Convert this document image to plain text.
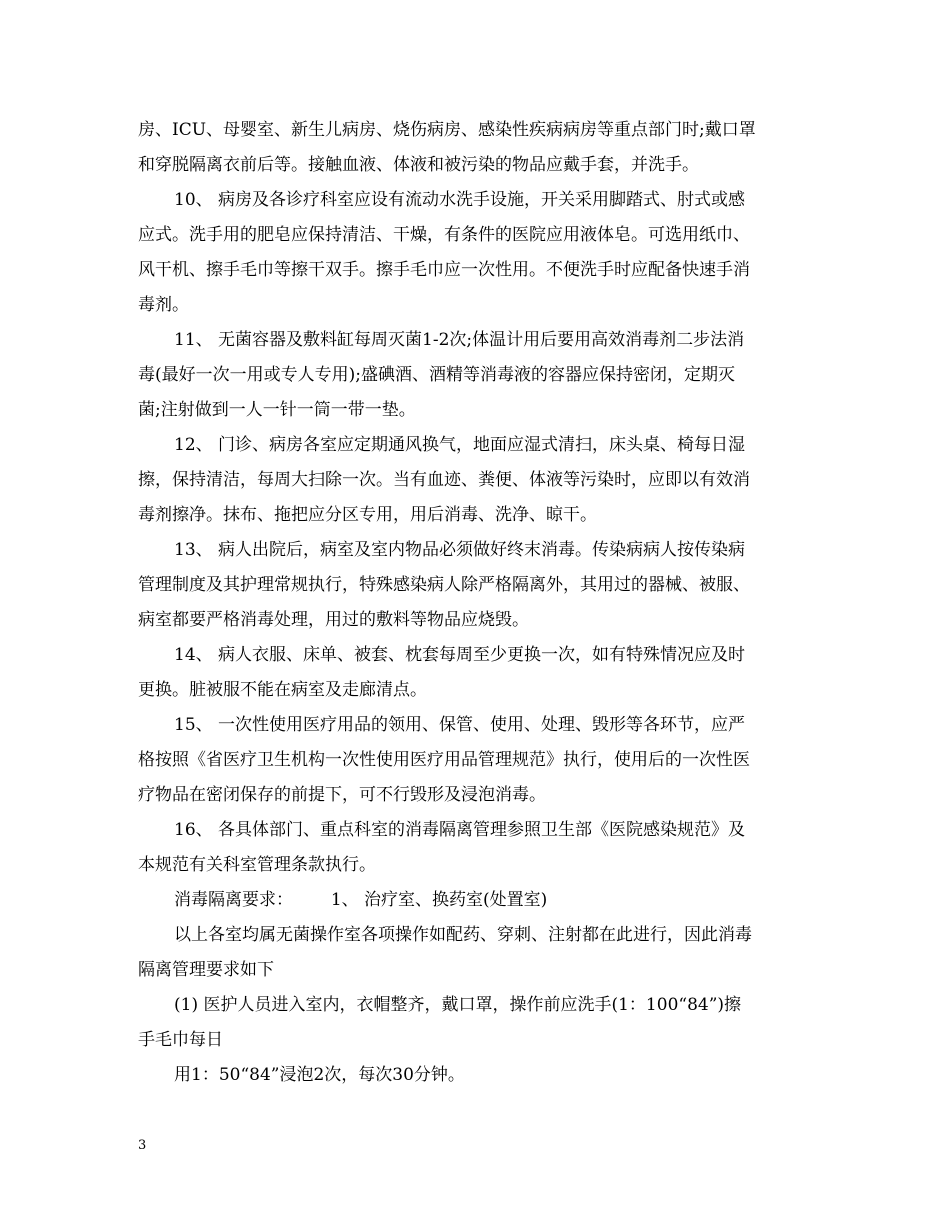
房、ICU、母婴室、新生儿病房、烧伤病房、感染性疾病病房等重点部门时;戴口罩
和穿脱隔离衣前后等。接触血液、体液和被污染的物品应戴手套，并洗手。
10、 病房及各诊疗科室应设有流动水洗手设施，开关采用脚踏式、肘式或感
应式。洗手用的肥皂应保持清洁、干燥，有条件的医院应用液体皂。可选用纸巾、
风干机、擦手毛巾等擦干双手。擦手毛巾应一次性用。不便洗手时应配备快速手消
毒剂。
11、 无菌容器及敷料缸每周灭菌1-2次;体温计用后要用高效消毒剂二步法消
毒(最好一次一用或专人专用);盛碘酒、酒精等消毒液的容器应保持密闭，定期灭
菌;注射做到一人一针一筒一带一垫。
12、 门诊、病房各室应定期通风换气，地面应湿式清扫，床头桌、椅每日湿
擦，保持清洁，每周大扫除一次。当有血迹、粪便、体液等污染时，应即以有效消
毒剂擦净。抹布、拖把应分区专用，用后消毒、洗净、晾干。
13、 病人出院后，病室及室内物品必须做好终末消毒。传染病病人按传染病
管理制度及其护理常规执行，特殊感染病人除严格隔离外，其用过的器械、被服、
病室都要严格消毒处理，用过的敷料等物品应烧毁。
14、 病人衣服、床单、被套、枕套每周至少更换一次，如有特殊情况应及时
更换。脏被服不能在病室及走廊清点。
15、 一次性使用医疗用品的领用、保管、使用、处理、毁形等各环节，应严
格按照《省医疗卫生机构一次性使用医疗用品管理规范》执行，使用后的一次性医
疗物品在密闭保存的前提下，可不行毁形及浸泡消毒。
16、 各具体部门、重点科室的消毒隔离管理参照卫生部《医院感染规范》及
本规范有关科室管理条款执行。
消毒隔离要求：       1、 治疗室、换药室(处置室)
以上各室均属无菌操作室各项操作如配药、穿刺、注射都在此进行，因此消毒
隔离管理要求如下
(1) 医护人员进入室内，衣帽整齐，戴口罩，操作前应洗手(1：100“84”)擦
手毛巾每日
用1：50“84”浸泡2次，每次30分钟。
3
